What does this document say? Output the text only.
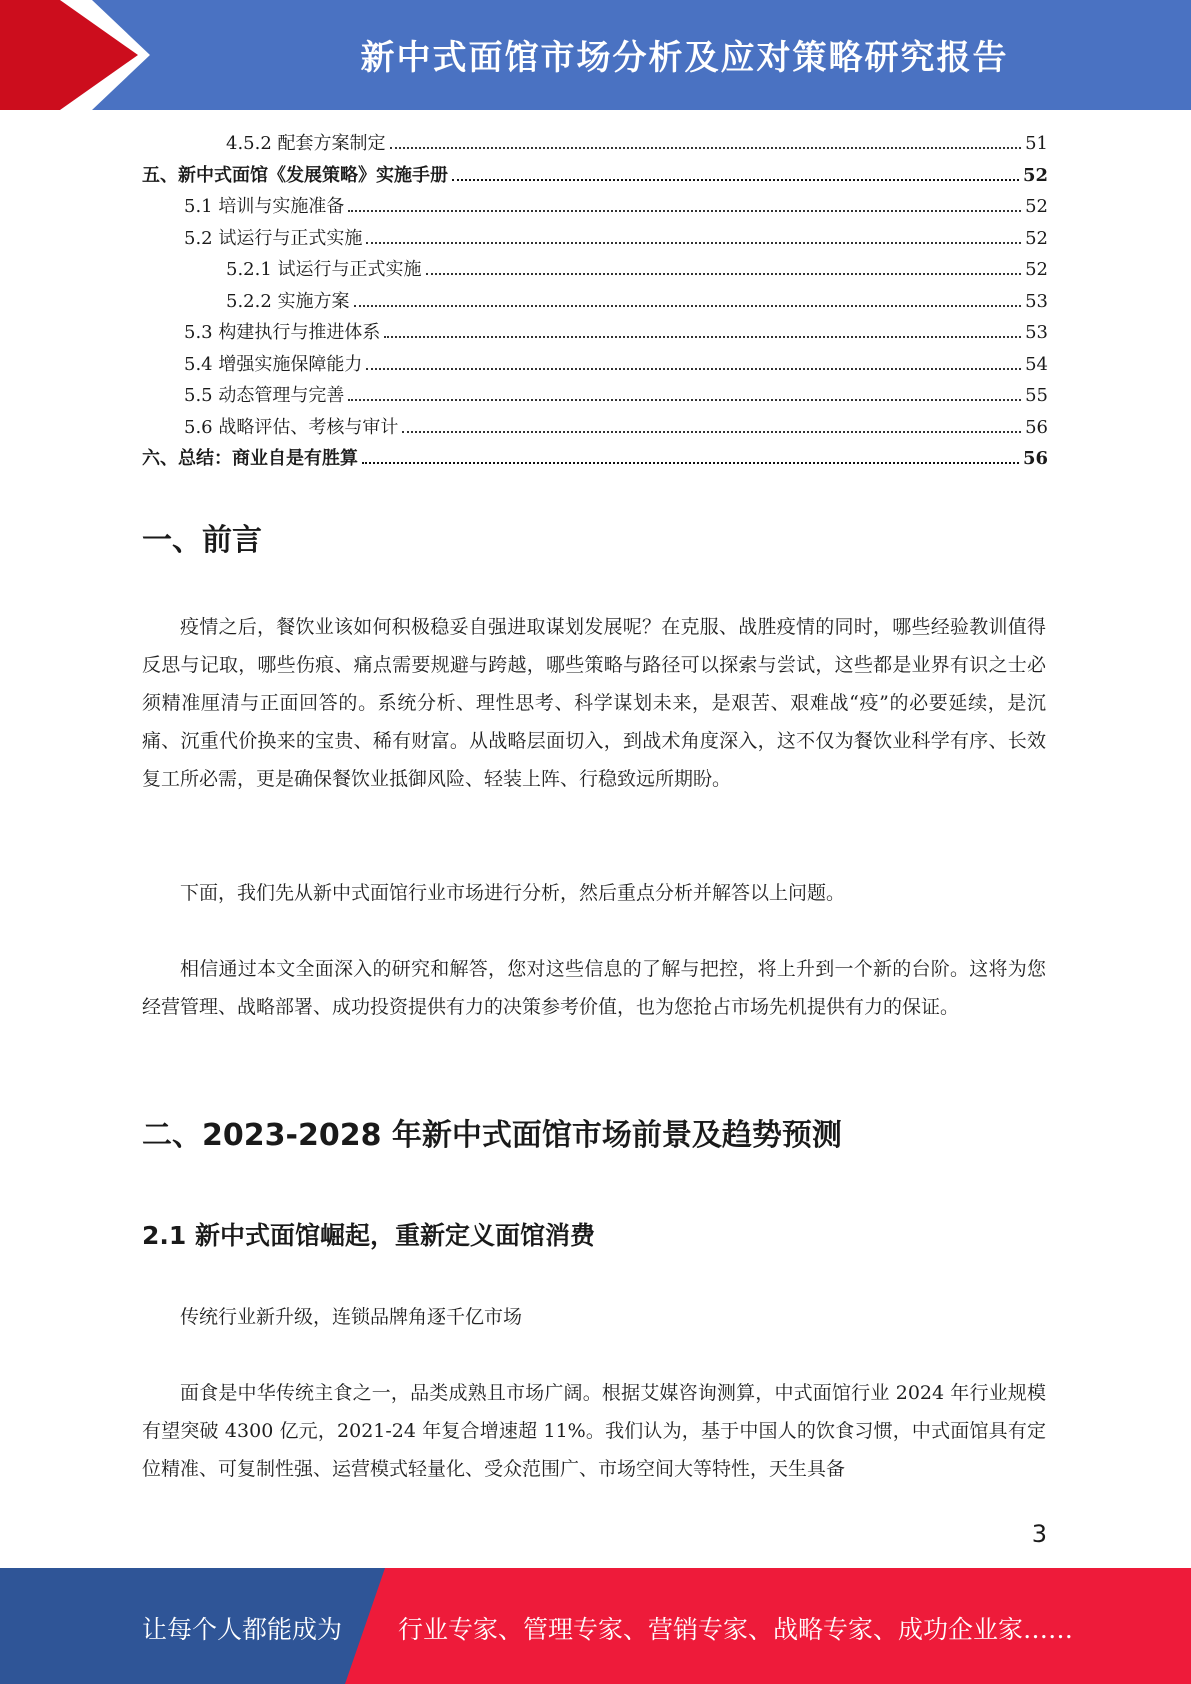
新中式面馆市场分析及应对策略研究报告
4.5.2 配套方案制定	51
五、新中式面馆《发展策略》实施手册	52
5.1 培训与实施准备	52
5.2 试运行与正式实施	52
5.2.1 试运行与正式实施	52
5.2.2 实施方案	53
5.3 构建执行与推进体系	53
5.4 增强实施保障能力	54
5.5 动态管理与完善	55
5.6 战略评估、考核与审计	56
六、总结：商业自是有胜算	56
一、前言

疫情之后，餐饮业该如何积极稳妥自强进取谋划发展呢？在克服、战胜疫情的同时，哪些经验教训值得反思与记取，哪些伤痕、痛点需要规避与跨越，哪些策略与路径可以探索与尝试，这些都是业界有识之士必须精准厘清与正面回答的。系统分析、理性思考、科学谋划未来，是艰苦、艰难战“疫”的必要延续，是沉痛、沉重代价换来的宝贵、稀有财富。从战略层面切入，到战术角度深入，这不仅为餐饮业科学有序、长效复工所必需，更是确保餐饮业抵御风险、轻装上阵、行稳致远所期盼。

下面，我们先从新中式面馆行业市场进行分析，然后重点分析并解答以上问题。

相信通过本文全面深入的研究和解答，您对这些信息的了解与把控，将上升到一个新的台阶。这将为您经营管理、战略部署、成功投资提供有力的决策参考价值，也为您抢占市场先机提供有力的保证。

二、2023-2028 年新中式面馆市场前景及趋势预测
2.1 新中式面馆崛起，重新定义面馆消费

传统行业新升级，连锁品牌角逐千亿市场

面食是中华传统主食之一，品类成熟且市场广阔。根据艾媒咨询测算，中式面馆行业 2024 年行业规模有望突破 4300 亿元，2021-24 年复合增速超 11%。我们认为，基于中国人的饮食习惯，中式面馆具有定位精准、可复制性强、运营模式轻量化、受众范围广、市场空间大等特性，天生具备

3
让每个人都能成为 行业专家、管理专家、营销专家、战略专家、成功企业家……
